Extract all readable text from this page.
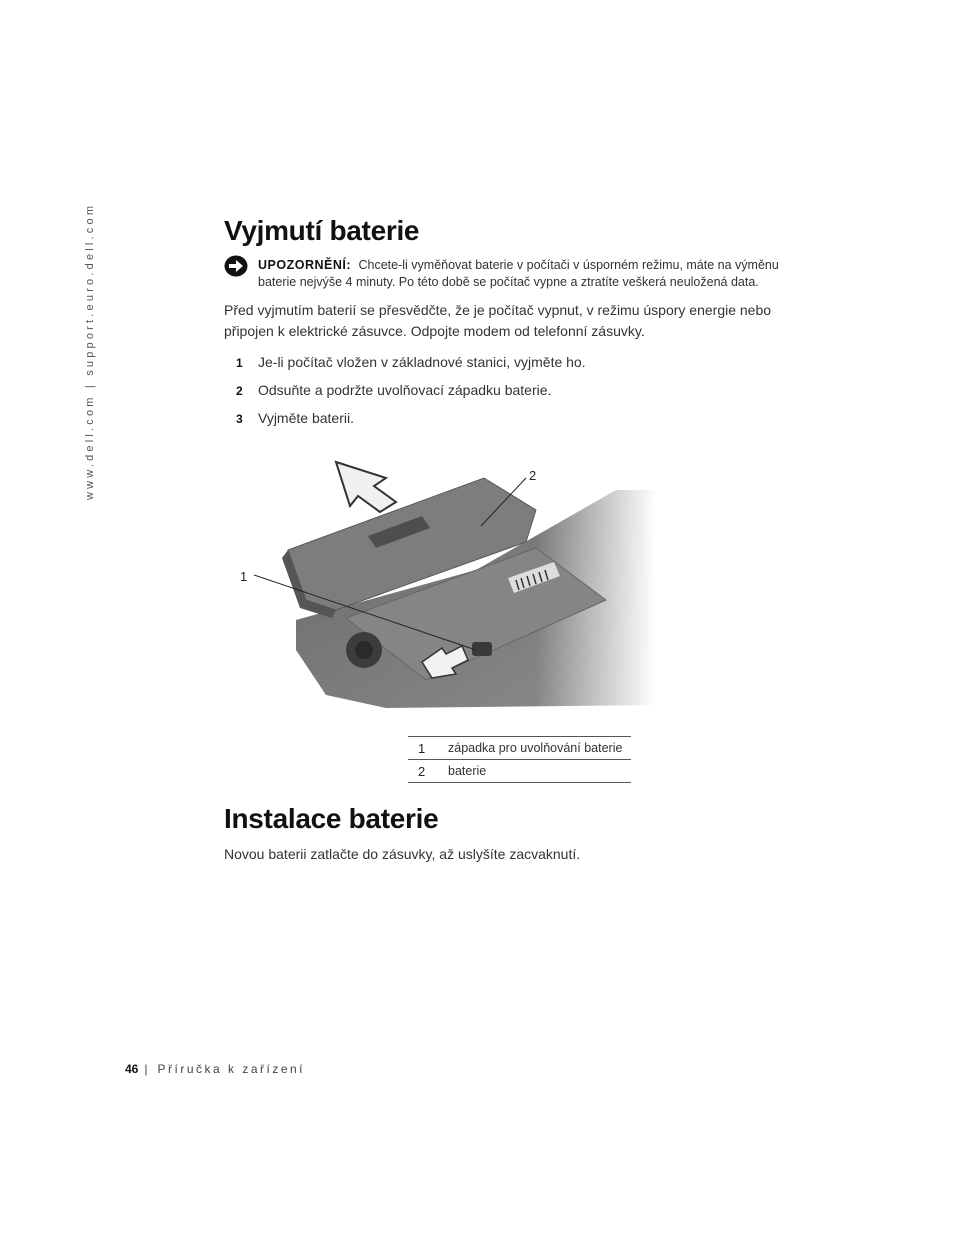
www.dell.com | support.euro.dell.com	Vyjmutí baterie
UPOZORNĚNÍ: Chcete-li vyměňovat baterie v počítači v úsporném režimu, máte na výměnu baterie nejvýše 4 minuty. Po této době se počítač vypne a ztratíte veškerá neuložená data.

Před vyjmutím baterií se přesvědčte, že je počítač vypnut, v režimu úspory energie nebo připojen k elektrické zásuvce. Odpojte modem od telefonní zásuvky.

1 Je-li počítač vložen v základnové stanici, vyjměte ho.
2 Odsuňte a podržte uvolňovací západku baterie.
3 Vyjměte baterii.
1
2
1	západka pro uvolňování baterie
2	baterie
Instalace baterie

Novou baterii zatlačte do zásuvky, až uslyšíte zacvaknutí.

46 | Příručka k zařízení
